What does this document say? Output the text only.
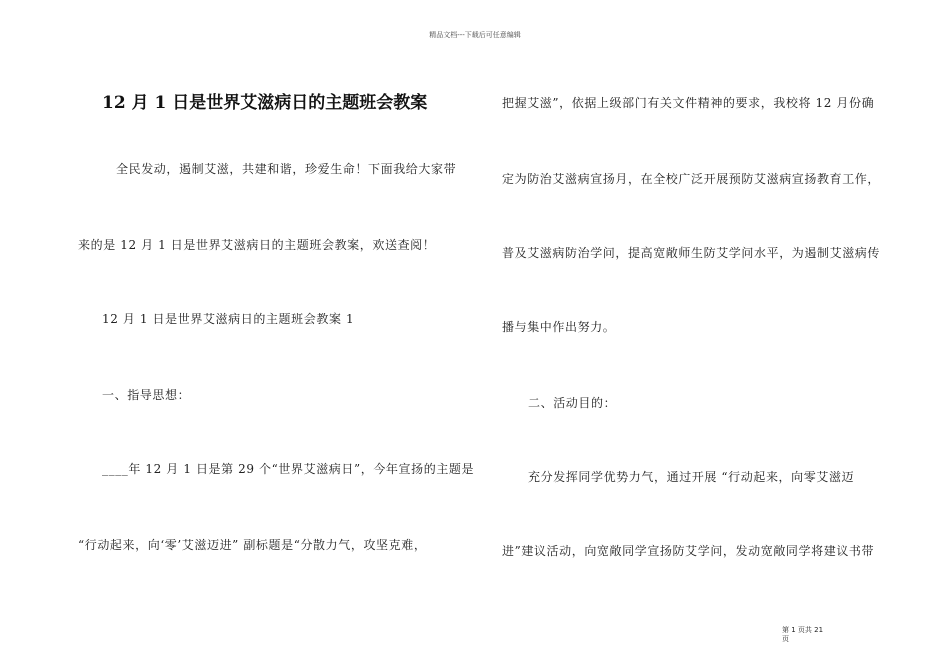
精品文档---下载后可任意编辑
12 月 1 日是世界艾滋病日的主题班会教案
全民发动，遏制艾滋，共建和谐，珍爱生命！下面我给大家带
来的是 12 月 1 日是世界艾滋病日的主题班会教案，欢送查阅！
12 月 1 日是世界艾滋病日的主题班会教案 1
一、指导思想：
____年 12 月 1 日是第 29 个“世界艾滋病日”，今年宣扬的主题是
“行动起来，向‘零’艾滋迈进” 副标题是“分散力气，攻坚克难，
把握艾滋”，依据上级部门有关文件精神的要求，我校将 12 月份确
定为防治艾滋病宣扬月，在全校广泛开展预防艾滋病宣扬教育工作，
普及艾滋病防治学问，提高宽敞师生防艾学问水平，为遏制艾滋病传
播与集中作出努力。
二、活动目的：
充分发挥同学优势力气，通过开展 “行动起来，向零艾滋迈
进”建议活动，向宽敞同学宣扬防艾学问，发动宽敞同学将建议书带
第 1 页共 21
页
